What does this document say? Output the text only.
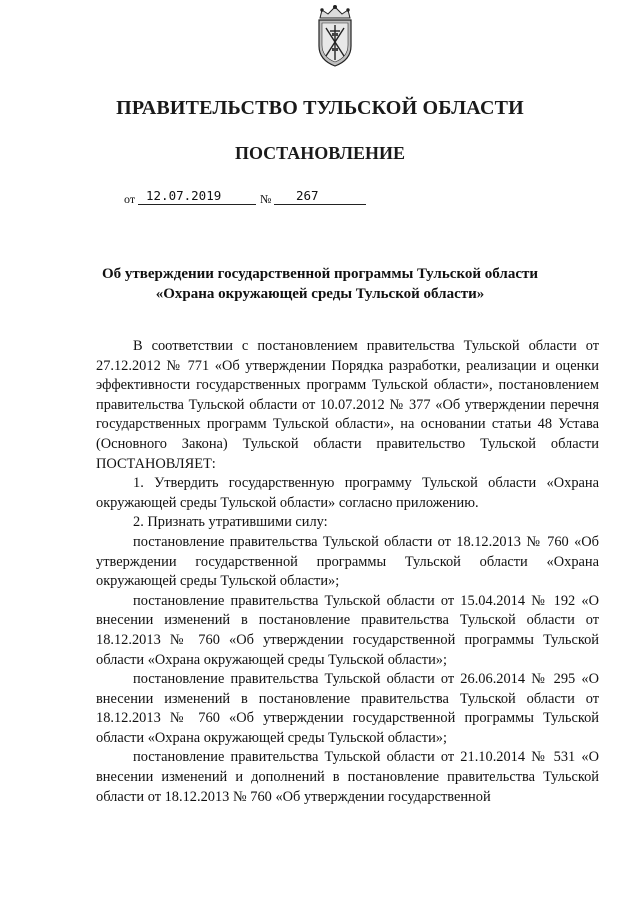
ПРАВИТЕЛЬСТВО ТУЛЬСКОЙ ОБЛАСТИ
ПОСТАНОВЛЕНИЕ
от 12.07.2019	№	267
Об утверждении государственной программы Тульской области
«Охрана окружающей среды Тульской области»

В соответствии с постановлением правительства Тульской области от 27.12.2012 № 771 «Об утверждении Порядка разработки, реализации и оценки эффективности государственных программ Тульской области», постановлением правительства Тульской области от 10.07.2012 № 377 «Об утверждении перечня государственных программ Тульской области», на основании статьи 48 Устава (Основного Закона) Тульской области правительство Тульской области ПОСТАНОВЛЯЕТ:

1. Утвердить государственную программу Тульской области «Охрана окружающей среды Тульской области» согласно приложению.

2. Признать утратившими силу:

постановление правительства Тульской области от 18.12.2013 № 760 «Об утверждении государственной программы Тульской области «Охрана окружающей среды Тульской области»;

постановление правительства Тульской области от 15.04.2014 № 192 «О внесении изменений в постановление правительства Тульской области от 18.12.2013 № 760 «Об утверждении государственной программы Тульской области «Охрана окружающей среды Тульской области»;

постановление правительства Тульской области от 26.06.2014 № 295 «О внесении изменений в постановление правительства Тульской области от 18.12.2013 № 760 «Об утверждении государственной программы Тульской области «Охрана окружающей среды Тульской области»;

постановление правительства Тульской области от 21.10.2014 № 531 «О внесении изменений и дополнений в постановление правительства Тульской области от 18.12.2013 № 760 «Об утверждении государственной
